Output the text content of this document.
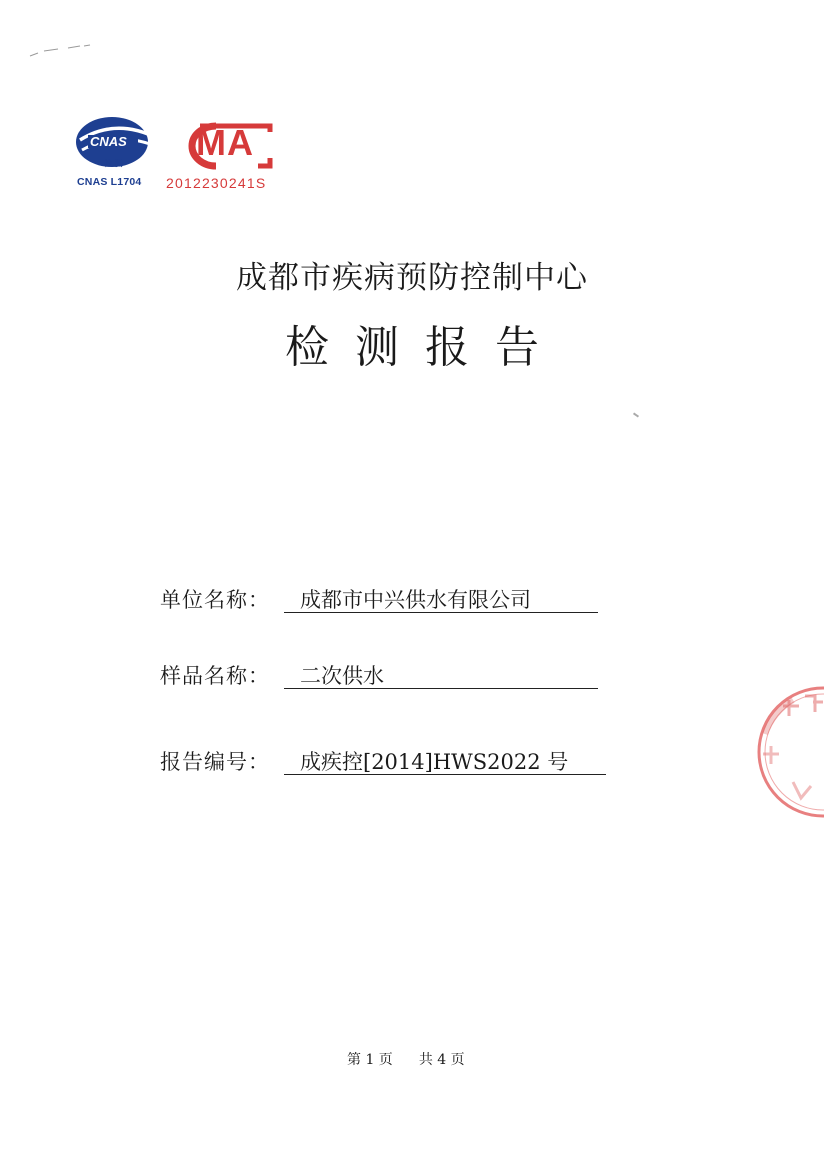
CNAS
检 测
CNAS L1704
MA
2012230241S
成都市疾病预防控制中心
检测报告
单位名称：	成都市中兴供水有限公司
样品名称：	二次供水
报告编号：	成疾控[2014]HWS2022 号
第 1 页 共 4 页
